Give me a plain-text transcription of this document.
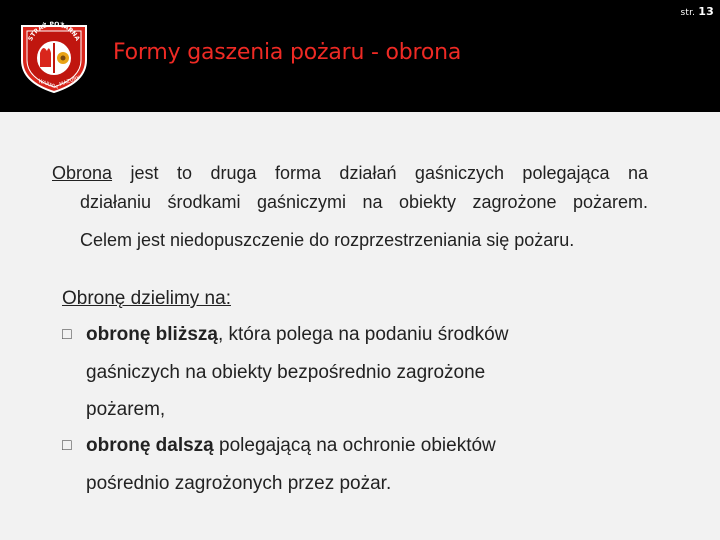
str. 13
STRAŻ POŻARNA
WARMIA MAZURY
Formy gaszenia pożaru - obrona
Obrona jest to druga forma działań gaśniczych polegająca na
działaniu środkami gaśniczymi na obiekty zagrożone pożarem.
Celem jest niedopuszczenie do rozprzestrzeniania się pożaru.
Obronę dzielimy na:
□ obronę bliższą, która polega na podaniu środków
gaśniczych na obiekty bezpośrednio zagrożone
pożarem,
□ obronę dalszą polegającą na ochronie obiektów
pośrednio zagrożonych przez pożar.
